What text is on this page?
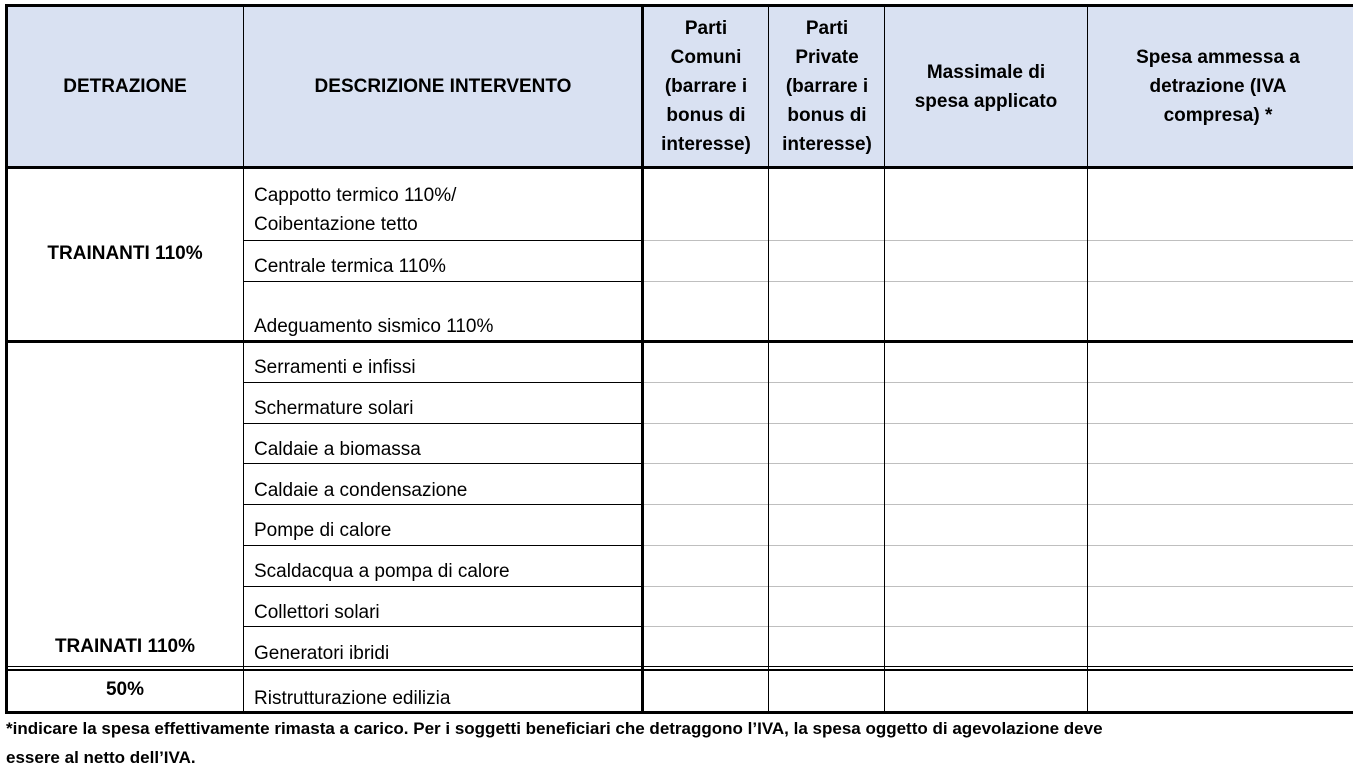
DETRAZIONE	DESCRIZIONE INTERVENTO
Parti Comuni (barrare i bonus di interesse)
Parti Private (barrare i bonus di interesse)
Massimale di spesa applicato
Spesa ammessa a detrazione (IVA compresa) *
TRAINANTI 110%
TRAINATI 110%
50%
Cappotto termico 110%/ Coibentazione tetto
Centrale termica 110%
Adeguamento sismico 110%
Serramenti e infissi
Schermature solari
Caldaie a biomassa
Caldaie a condensazione
Pompe di calore
Scaldacqua a pompa di calore
Collettori solari
Generatori ibridi
Ristrutturazione edilizia
*indicare la spesa effettivamente rimasta a carico. Per i soggetti beneficiari che detraggono l’IVA, la spesa oggetto di agevolazione deve
essere al netto dell’IVA.
